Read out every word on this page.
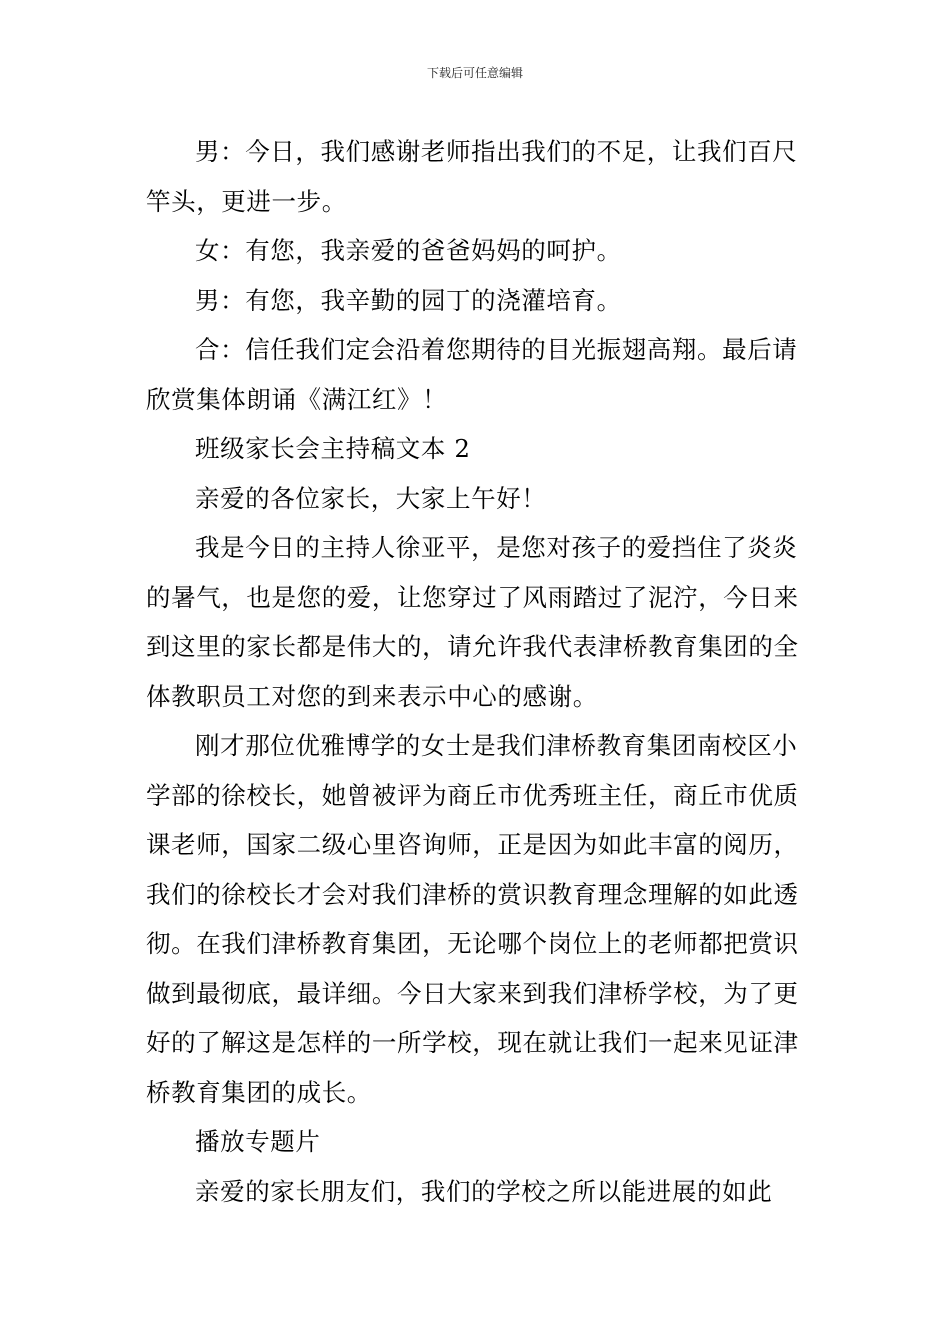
下载后可任意编辑

男：今日，我们感谢老师指出我们的不足，让我们百尺竿头，更进一步。

女：有您，我亲爱的爸爸妈妈的呵护。

男：有您，我辛勤的园丁的浇灌培育。

合：信任我们定会沿着您期待的目光振翅高翔。最后请欣赏集体朗诵《满江红》！

班级家长会主持稿文本 2

亲爱的各位家长，大家上午好！

我是今日的主持人徐亚平，是您对孩子的爱挡住了炎炎的暑气，也是您的爱，让您穿过了风雨踏过了泥泞，今日来到这里的家长都是伟大的，请允许我代表津桥教育集团的全体教职员工对您的到来表示中心的感谢。

刚才那位优雅博学的女士是我们津桥教育集团南校区小学部的徐校长，她曾被评为商丘市优秀班主任，商丘市优质课老师，国家二级心里咨询师，正是因为如此丰富的阅历，我们的徐校长才会对我们津桥的赏识教育理念理解的如此透彻。在我们津桥教育集团，无论哪个岗位上的老师都把赏识做到最彻底，最详细。今日大家来到我们津桥学校，为了更好的了解这是怎样的一所学校，现在就让我们一起来见证津桥教育集团的成长。

播放专题片

亲爱的家长朋友们，我们的学校之所以能进展的如此
